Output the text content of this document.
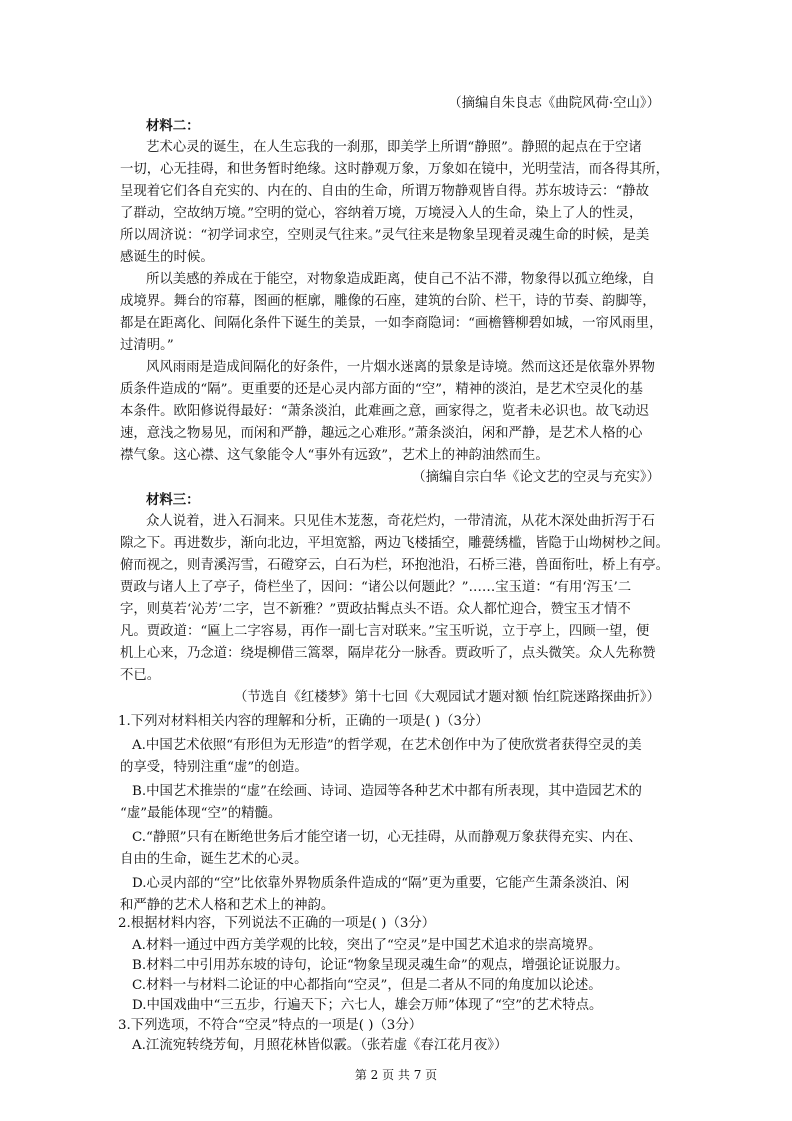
（摘编自朱良志《曲院风荷·空山》）
材料二：
艺术心灵的诞生，在人生忘我的一刹那，即美学上所谓“静照”。静照的起点在于空诸
一切，心无挂碍，和世务暂时绝缘。这时静观万象，万象如在镜中，光明莹洁，而各得其所，
呈现着它们各自充实的、内在的、自由的生命，所谓万物静观皆自得。苏东坡诗云：“静故
了群动，空故纳万境。”空明的觉心，容纳着万境，万境浸入人的生命，染上了人的性灵，
所以周济说：“初学词求空，空则灵气往来。”灵气往来是物象呈现着灵魂生命的时候，是美
感诞生的时候。
所以美感的养成在于能空，对物象造成距离，使自己不沾不滞，物象得以孤立绝缘，自
成境界。舞台的帘幕，图画的框廓，雕像的石座，建筑的台阶、栏干，诗的节奏、韵脚等，
都是在距离化、间隔化条件下诞生的美景，一如李商隐词：“画檐簪柳碧如城，一帘风雨里，
过清明。”
风风雨雨是造成间隔化的好条件，一片烟水迷离的景象是诗境。然而这还是依靠外界物
质条件造成的“隔”。更重要的还是心灵内部方面的“空”，精神的淡泊，是艺术空灵化的基
本条件。欧阳修说得最好：“萧条淡泊，此难画之意，画家得之，览者未必识也。故飞动迟
速，意浅之物易见，而闲和严静，趣远之心难形。”萧条淡泊，闲和严静，是艺术人格的心
襟气象。这心襟、这气象能令人“事外有远致”，艺术上的神韵油然而生。
（摘编自宗白华《论文艺的空灵与充实》）
材料三：
众人说着，进入石洞来。只见佳木茏葱，奇花烂灼，一带清流，从花木深处曲折泻于石
隙之下。再进数步，渐向北边，平坦宽豁，两边飞楼插空，雕甍绣槛，皆隐于山坳树杪之间。
俯而视之，则青溪泻雪，石磴穿云，白石为栏，环抱池沿，石桥三港，兽面衔吐，桥上有亭。
贾政与诸人上了亭子，倚栏坐了，因问：“诸公以何题此？”……宝玉道：“有用‘泻玉’二
字，则莫若‘沁芳’二字，岂不新雅？”贾政拈髯点头不语。众人都忙迎合，赞宝玉才情不
凡。贾政道：“匾上二字容易，再作一副七言对联来。”宝玉听说，立于亭上，四顾一望，便
机上心来，乃念道：绕堤柳借三篙翠，隔岸花分一脉香。贾政听了，点头微笑。众人先称赞
不已。
（节选自《红楼梦》第十七回《大观园试才题对额 怡红院迷路探曲折》）
1.下列对材料相关内容的理解和分析，正确的一项是( )（3分）
A.中国艺术依照“有形但为无形造”的哲学观，在艺术创作中为了使欣赏者获得空灵的美
的享受，特别注重“虚”的创造。
B.中国艺术推崇的“虚”在绘画、诗词、造园等各种艺术中都有所表现，其中造园艺术的
“虚”最能体现“空”的精髓。
C.“静照”只有在断绝世务后才能空诸一切，心无挂碍，从而静观万象获得充实、内在、
自由的生命，诞生艺术的心灵。
D.心灵内部的“空”比依靠外界物质条件造成的“隔”更为重要，它能产生萧条淡泊、闲
和严静的艺术人格和艺术上的神韵。
2.根据材料内容，下列说法不正确的一项是( )（3分）
A.材料一通过中西方美学观的比较，突出了“空灵”是中国艺术追求的崇高境界。
B.材料二中引用苏东坡的诗句，论证“物象呈现灵魂生命”的观点，增强论证说服力。
C.材料一与材料二论证的中心都指向“空灵”，但是二者从不同的角度加以论述。
D.中国戏曲中“三五步，行遍天下；六七人，雄会万师”体现了“空”的艺术特点。
第 2 页 共 7 页
3.下列选项，不符合“空灵”特点的一项是( )（3分）
A.江流宛转绕芳甸，月照花林皆似霰。（张若虚《春江花月夜》）
